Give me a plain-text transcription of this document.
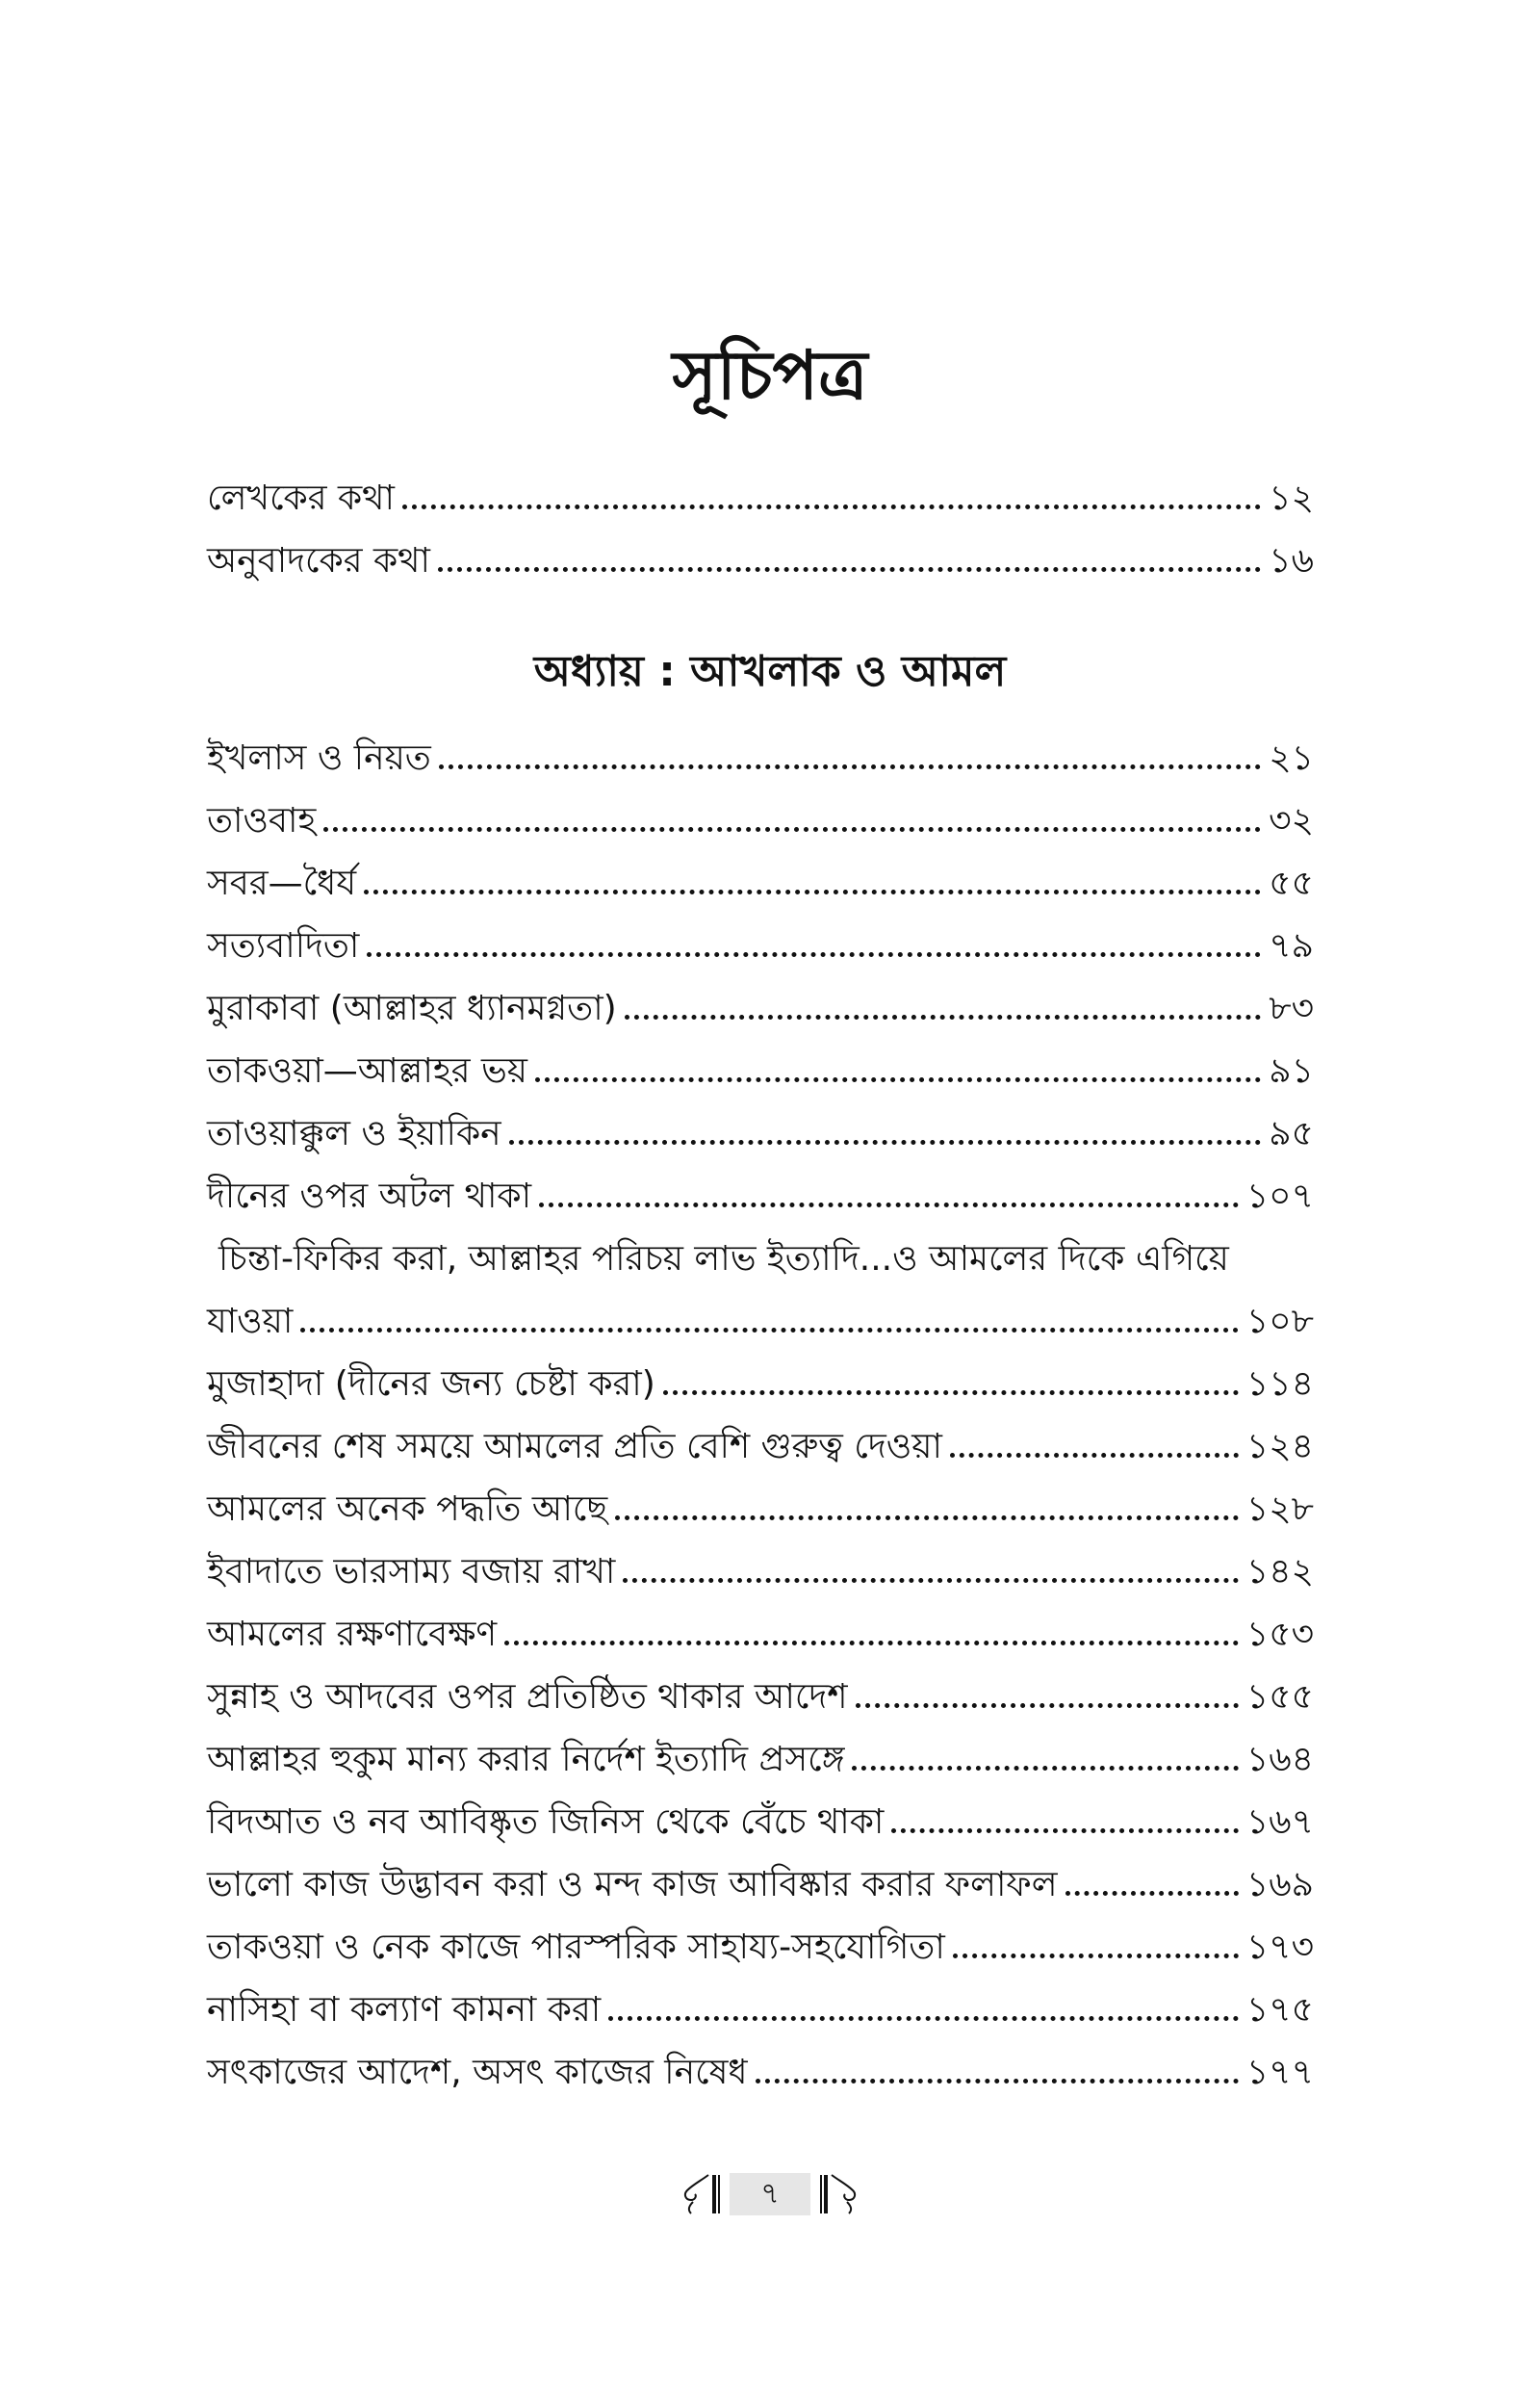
সূচিপত্র
লেখকের কথা	১২
অনুবাদকের কথা	১৬
অধ্যায় : আখলাক ও আমল
ইখলাস ও নিয়ত	২১
তাওবাহ	৩২
সবর—ধৈর্য	৫৫
সত্যবাদিতা	৭৯
মুরাকাবা (আল্লাহর ধ্যানমগ্নতা)	৮৩
তাকওয়া—আল্লাহর ভয়	৯১
তাওয়াক্কুল ও ইয়াকিন	৯৫
দীনের ওপর অটল থাকা	১০৭
চিন্তা-ফিকির করা, আল্লাহর পরিচয় লাভ ইত্যাদি...ও আমলের দিকে এগিয়ে
যাওয়া	১০৮
মুজাহাদা (দীনের জন্য চেষ্টা করা)	১১৪
জীবনের শেষ সময়ে আমলের প্রতি বেশি গুরুত্ব দেওয়া	১২৪
আমলের অনেক পদ্ধতি আছে	১২৮
ইবাদাতে ভারসাম্য বজায় রাখা	১৪২
আমলের রক্ষণাবেক্ষণ	১৫৩
সুন্নাহ ও আদবের ওপর প্রতিষ্ঠিত থাকার আদেশ	১৫৫
আল্লাহর হুকুম মান্য করার নির্দেশ ইত্যাদি প্রসঙ্গে	১৬৪
বিদআত ও নব আবিষ্কৃত জিনিস থেকে বেঁচে থাকা	১৬৭
ভালো কাজ উদ্ভাবন করা ও মন্দ কাজ আবিষ্কার করার ফলাফল	১৬৯
তাকওয়া ও নেক কাজে পারস্পরিক সাহায্য-সহযোগিতা	১৭৩
নাসিহা বা কল্যাণ কামনা করা	১৭৫
সৎকাজের আদেশ, অসৎ কাজের নিষেধ	১৭৭
৭
